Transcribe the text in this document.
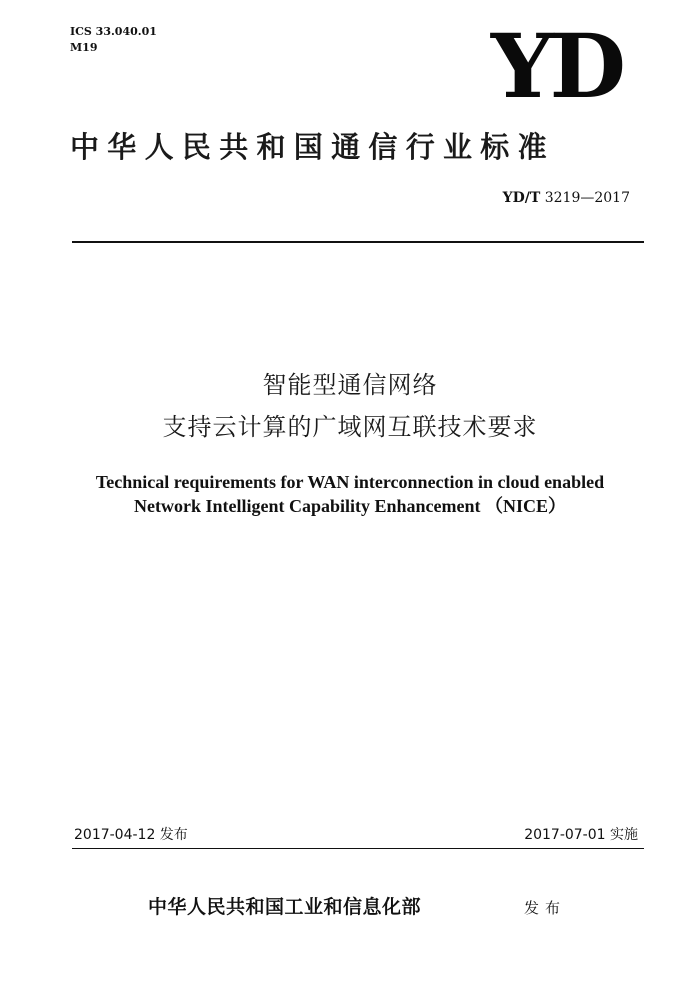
ICS 33.040.01
M19	YD
中华人民共和国通信行业标准
YD/T 3219—2017
智能型通信网络
支持云计算的广域网互联技术要求
Technical requirements for WAN interconnection in cloud enabled
Network Intelligent Capability Enhancement （NICE）
2017-04-12 发布	2017-07-01 实施
中华人民共和国工业和信息化部	发布
